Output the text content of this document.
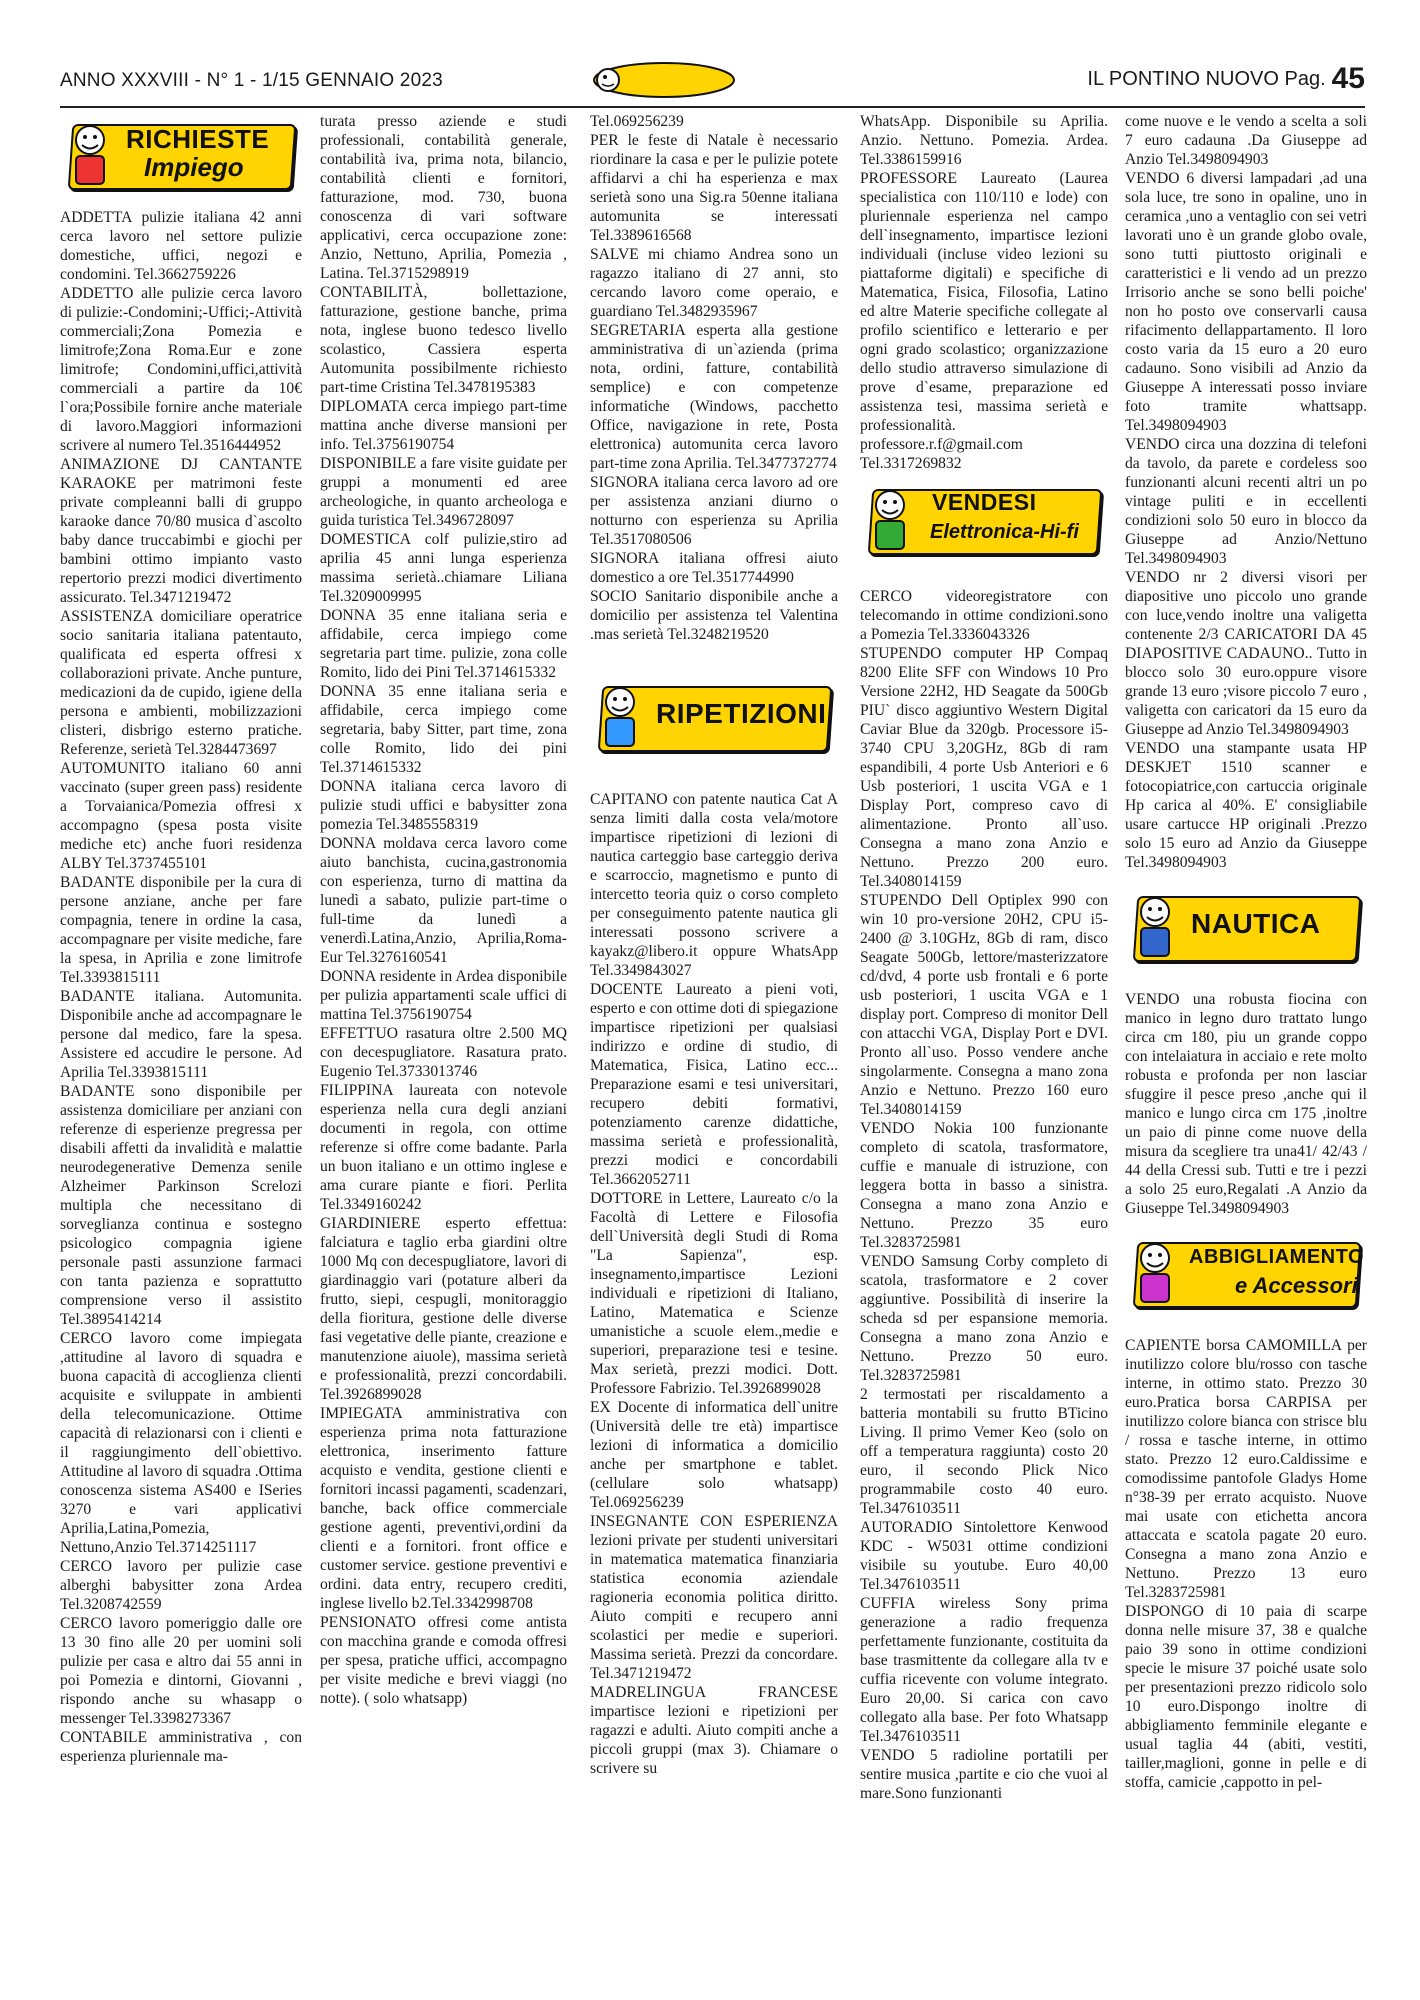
ANNO XXXVIII - N° 1 - 1/15 GENNAIO 2023	IL PONTINO NUOVO Pag. 45
RICHIESTE
Impiego

ADDETTA pulizie italiana 42 anni cerca lavoro nel settore pulizie domestiche, uffici, negozi e condomini. Tel.3662759226

ADDETTO alle pulizie cerca lavoro di pulizie:-Condomini;-Uffici;-Attività commerciali;Zona Pomezia e limitrofe;Zona Roma.Eur e zone limitrofe; Condomini,uffici,attività commerciali a partire da 10€ l`ora;Possibile fornire anche materiale di lavoro.Maggiori informazioni scrivere al numero Tel.3516444952

ANIMAZIONE DJ CANTANTE KARAOKE per matrimoni feste private compleanni balli di gruppo karaoke dance 70/80 musica d`ascolto baby dance truccabimbi e giochi per bambini ottimo impianto vasto repertorio prezzi modici divertimento assicurato. Tel.3471219472

ASSISTENZA domiciliare operatrice socio sanitaria italiana patentauto, qualificata ed esperta offresi x collaborazioni private. Anche punture, medicazioni da de cupido, igiene della persona e ambienti, mobilizzazioni clisteri, disbrigo esterno pratiche. Referenze, serietà Tel.3284473697

AUTOMUNITO italiano 60 anni vaccinato (super green pass) residente a Torvaianica/Pomezia offresi x accompagno (spesa posta visite mediche etc) anche fuori residenza ALBY Tel.3737455101

BADANTE disponibile per la cura di persone anziane, anche per fare compagnia, tenere in ordine la casa, accompagnare per visite mediche, fare la spesa, in Aprilia e zone limitrofe Tel.3393815111

BADANTE italiana. Automunita. Disponibile anche ad accompagnare le persone dal medico, fare la spesa. Assistere ed accudire le persone. Ad Aprilia Tel.3393815111

BADANTE sono disponibile per assistenza domiciliare per anziani con referenze di esperienze pregressa per disabili affetti da invalidità e malattie neurodegenerative Demenza senile Alzheimer Parkinson Screlozi multipla che necessitano di sorveglianza continua e sostegno psicologico compagnia igiene personale pasti assunzione farmaci con tanta pazienza e soprattutto comprensione verso il assistito Tel.3895414214

CERCO lavoro come impiegata ,attitudine al lavoro di squadra e buona capacità di accoglienza clienti acquisite e sviluppate in ambienti della telecomunicazione. Ottime capacità di relazionarsi con i clienti e il raggiungimento dell`obiettivo. Attitudine al lavoro di squadra .Ottima conoscenza sistema AS400 e ISeries 3270 e vari applicativi Aprilia,Latina,Pomezia, Nettuno,Anzio Tel.3714251117

CERCO lavoro per pulizie case alberghi babysitter zona Ardea Tel.3208742559

CERCO lavoro pomeriggio dalle ore 13 30 fino alle 20 per uomini soli pulizie per casa e altro dai 55 anni in poi Pomezia e dintorni, Giovanni , rispondo anche su whasapp o messenger Tel.3398273367

CONTABILE amministrativa , con esperienza pluriennale ma-

turata presso aziende e studi professionali, contabilità generale, contabilità iva, prima nota, bilancio, contabilità clienti e fornitori, fatturazione, mod. 730, buona conoscenza di vari software applicativi, cerca occupazione zone: Anzio, Nettuno, Aprilia, Pomezia , Latina. Tel.3715298919

CONTABILITÀ, bollettazione, fatturazione, gestione banche, prima nota, inglese buono tedesco livello scolastico, Cassiera esperta Automunita possibilmente richiesto part-time Cristina Tel.3478195383

DIPLOMATA cerca impiego part-time mattina anche diverse mansioni per info. Tel.3756190754

DISPONIBILE a fare visite guidate per gruppi a monumenti ed aree archeologiche, in quanto archeologa e guida turistica Tel.3496728097

DOMESTICA colf pulizie,stiro ad aprilia 45 anni lunga esperienza massima serietà..chiamare Liliana Tel.3209009995

DONNA 35 enne italiana seria e affidabile, cerca impiego come segretaria part time. pulizie, zona colle Romito, lido dei Pini Tel.3714615332

DONNA 35 enne italiana seria e affidabile, cerca impiego come segretaria, baby Sitter, part time, zona colle Romito, lido dei pini Tel.3714615332

DONNA italiana cerca lavoro di pulizie studi uffici e babysitter zona pomezia Tel.3485558319

DONNA moldava cerca lavoro come aiuto banchista, cucina,gastronomia con esperienza, turno di mattina da lunedì a sabato, pulizie part-time o full-time da lunedì a venerdì.Latina,Anzio, Aprilia,Roma-Eur Tel.3276160541

DONNA residente in Ardea disponibile per pulizia appartamenti scale uffici di mattina Tel.3756190754

EFFETTUO rasatura oltre 2.500 MQ con decespugliatore. Rasatura prato. Eugenio Tel.3733013746

FILIPPINA laureata con notevole esperienza nella cura degli anziani documenti in regola, con ottime referenze si offre come badante. Parla un buon italiano e un ottimo inglese e ama curare piante e fiori. Perlita Tel.3349160242

GIARDINIERE esperto effettua: falciatura e taglio erba giardini oltre 1000 Mq con decespugliatore, lavori di giardinaggio vari (potature alberi da frutto, siepi, cespugli, monitoraggio della fioritura, gestione delle diverse fasi vegetative delle piante, creazione e manutenzione aiuole), massima serietà e professionalità, prezzi concordabili. Tel.3926899028

IMPIEGATA amministrativa con esperienza prima nota fatturazione elettronica, inserimento fatture acquisto e vendita, gestione clienti e fornitori incassi pagamenti, scadenzari, banche, back office commerciale gestione agenti, preventivi,ordini da clienti e a fornitori. front office e customer service. gestione preventivi e ordini. data entry, recupero crediti, inglese livello b2.Tel.3342998708

PENSIONATO offresi come antista con macchina grande e comoda offresi per spesa, pratiche uffici, accompagno per visite mediche e brevi viaggi (no notte). ( solo whatsapp)

Tel.069256239

PER le feste di Natale è necessario riordinare la casa e per le pulizie potete affidarvi a chi ha esperienza e max serietà sono una Sig.ra 50enne italiana automunita se interessati Tel.3389616568

SALVE mi chiamo Andrea sono un ragazzo italiano di 27 anni, sto cercando lavoro come operaio, e guardiano Tel.3482935967

SEGRETARIA esperta alla gestione amministrativa di un`azienda (prima nota, ordini, fatture, contabilità semplice) e con competenze informatiche (Windows, pacchetto Office, navigazione in rete, Posta elettronica) automunita cerca lavoro part-time zona Aprilia. Tel.3477372774

SIGNORA italiana cerca lavoro ad ore per assistenza anziani diurno o notturno con esperienza su Aprilia Tel.3517080506

SIGNORA italiana offresi aiuto domestico a ore Tel.3517744990

SOCIO Sanitario disponibile anche a domicilio per assistenza tel Valentina .mas serietà Tel.3248219520

RIPETIZIONI

CAPITANO con patente nautica Cat A senza limiti dalla costa vela/motore impartisce ripetizioni di lezioni di nautica carteggio base carteggio deriva e scarroccio, magnetismo e punto di intercetto teoria quiz o corso completo per conseguimento patente nautica gli interessati possono scrivere a kayakz@libero.it oppure WhatsApp Tel.3349843027

DOCENTE Laureato a pieni voti, esperto e con ottime doti di spiegazione impartisce ripetizioni per qualsiasi indirizzo e ordine di studio, di Matematica, Fisica, Latino ecc... Preparazione esami e tesi universitari, recupero debiti formativi, potenziamento carenze didattiche, massima serietà e professionalità, prezzi modici e concordabili Tel.3662052711

DOTTORE in Lettere, Laureato c/o la Facoltà di Lettere e Filosofia dell`Università degli Studi di Roma "La Sapienza", esp. insegnamento,impartisce Lezioni individuali e ripetizioni di Italiano, Latino, Matematica e Scienze umanistiche a scuole elem.,medie e superiori, preparazione tesi e tesine. Max serietà, prezzi modici. Dott. Professore Fabrizio. Tel.3926899028

EX Docente di informatica dell`unitre (Università delle tre età) impartisce lezioni di informatica a domicilio anche per smartphone e tablet. (cellulare solo whatsapp) Tel.069256239

INSEGNANTE CON ESPERIENZA lezioni private per studenti universitari in matematica matematica finanziaria statistica economia aziendale ragioneria economia politica diritto. Aiuto compiti e recupero anni scolastici per medie e superiori. Massima serietà. Prezzi da concordare. Tel.3471219472

MADRELINGUA FRANCESE impartisce lezioni e ripetizioni per ragazzi e adulti. Aiuto compiti anche a piccoli gruppi (max 3). Chiamare o scrivere su

WhatsApp. Disponibile su Aprilia. Anzio. Nettuno. Pomezia. Ardea. Tel.3386159916

PROFESSORE Laureato (Laurea specialistica con 110/110 e lode) con pluriennale esperienza nel campo dell`insegnamento, impartisce lezioni individuali (incluse video lezioni su piattaforme digitali) e specifiche di Matematica, Fisica, Filosofia, Latino ed altre Materie specifiche collegate al profilo scientifico e letterario e per ogni grado scolastico; organizzazione dello studio attraverso simulazione di prove d`esame, preparazione ed assistenza tesi, massima serietà e professionalità. professore.r.f@gmail.com Tel.3317269832

VENDESI
Elettronica-Hi-fi

CERCO videoregistratore con telecomando in ottime condizioni.sono a Pomezia Tel.3336043326

STUPENDO computer HP Compaq 8200 Elite SFF con Windows 10 Pro Versione 22H2, HD Seagate da 500Gb PIU` disco aggiuntivo Western Digital Caviar Blue da 320gb. Processore i5-3740 CPU 3,20GHz, 8Gb di ram espandibili, 4 porte Usb Anteriori e 6 Usb posteriori, 1 uscita VGA e 1 Display Port, compreso cavo di alimentazione. Pronto all`uso. Consegna a mano zona Anzio e Nettuno. Prezzo 200 euro. Tel.3408014159

STUPENDO Dell Optiplex 990 con win 10 pro-versione 20H2, CPU i5-2400 @ 3.10GHz, 8Gb di ram, disco Seagate 500Gb, lettore/masterizzatore cd/dvd, 4 porte usb frontali e 6 porte usb posteriori, 1 uscita VGA e 1 display port. Compreso di monitor Dell con attacchi VGA, Display Port e DVI. Pronto all`uso. Posso vendere anche singolarmente. Consegna a mano zona Anzio e Nettuno. Prezzo 160 euro Tel.3408014159

VENDO Nokia 100 funzionante completo di scatola, trasformatore, cuffie e manuale di istruzione, con leggera botta in basso a sinistra. Consegna a mano zona Anzio e Nettuno. Prezzo 35 euro Tel.3283725981

VENDO Samsung Corby completo di scatola, trasformatore e 2 cover aggiuntive. Possibilità di inserire la scheda sd per espansione memoria. Consegna a mano zona Anzio e Nettuno. Prezzo 50 euro. Tel.3283725981

2 termostati per riscaldamento a batteria montabili su frutto BTicino Living. Il primo Vemer Keo (solo on off a temperatura raggiunta) costo 20 euro, il secondo Plick Nico programmabile costo 40 euro. Tel.3476103511

AUTORADIO Sintolettore Kenwood KDC - W5031 ottime condizioni visibile su youtube. Euro 40,00 Tel.3476103511

CUFFIA wireless Sony prima generazione a radio frequenza perfettamente funzionante, costituita da base trasmittente da collegare alla tv e cuffia ricevente con volume integrato. Euro 20,00. Si carica con cavo collegato alla base. Per foto Whatsapp Tel.3476103511

VENDO 5 radioline portatili per sentire musica ,partite e cio che vuoi al mare.Sono funzionanti

come nuove e le vendo a scelta a soli 7 euro cadauna .Da Giuseppe ad Anzio Tel.3498094903

VENDO 6 diversi lampadari ,ad una sola luce, tre sono in opaline, uno in ceramica ,uno a ventaglio con sei vetri lavorati uno è un grande globo ovale, sono tutti piuttosto originali e caratteristici e li vendo ad un prezzo Irrisorio anche se sono belli poiche' non ho posto ove conservarli causa rifacimento dellappartamento. Il loro costo varia da 15 euro a 20 euro cadauno. Sono visibili ad Anzio da Giuseppe A interessati posso inviare foto tramite whattsapp. Tel.3498094903

VENDO circa una dozzina di telefoni da tavolo, da parete e cordeless soo funzionanti alcuni recenti altri un po vintage puliti e in eccellenti condizioni solo 50 euro in blocco da Giuseppe ad Anzio/Nettuno Tel.3498094903

VENDO nr 2 diversi visori per diapositive uno piccolo uno grande con luce,vendo inoltre una valigetta contenente 2/3 CARICATORI DA 45 DIAPOSITIVE CADAUNO.. Tutto in blocco solo 30 euro.oppure visore grande 13 euro ;visore piccolo 7 euro , valigetta con caricatori da 15 euro da Giuseppe ad Anzio Tel.3498094903

VENDO una stampante usata HP DESKJET 1510 scanner e fotocopiatrice,con cartuccia originale Hp carica al 40%. E' consigliabile usare cartucce HP originali .Prezzo solo 15 euro ad Anzio da Giuseppe Tel.3498094903

NAUTICA

VENDO una robusta fiocina con manico in legno duro trattato lungo circa cm 180, piu un grande coppo con intelaiatura in acciaio e rete molto robusta e profonda per non lasciar sfuggire il pesce preso ,anche qui il manico e lungo circa cm 175 ,inoltre un paio di pinne come nuove della misura da scegliere tra una41/ 42/43 / 44 della Cressi sub. Tutti e tre i pezzi a solo 25 euro,Regalati .A Anzio da Giuseppe Tel.3498094903

ABBIGLIAMENTO
e Accessori

CAPIENTE borsa CAMOMILLA per inutilizzo colore blu/rosso con tasche interne, in ottimo stato. Prezzo 30 euro.Pratica borsa CARPISA per inutilizzo colore bianca con strisce blu / rossa e tasche interne, in ottimo stato. Prezzo 12 euro.Caldissime e comodissime pantofole Gladys Home n°38-39 per errato acquisto. Nuove mai usate con etichetta ancora attaccata e scatola pagate 20 euro. Consegna a mano zona Anzio e Nettuno. Prezzo 13 euro Tel.3283725981

DISPONGO di 10 paia di scarpe donna nelle misure 37, 38 e qualche paio 39 sono in ottime condizioni specie le misure 37 poiché usate solo per presentazioni prezzo ridicolo solo 10 euro.Dispongo inoltre di abbigliamento femminile elegante e usual taglia 44 (abiti, vestiti, tailler,maglioni, gonne in pelle e di stoffa, camicie ,cappotto in pel-
